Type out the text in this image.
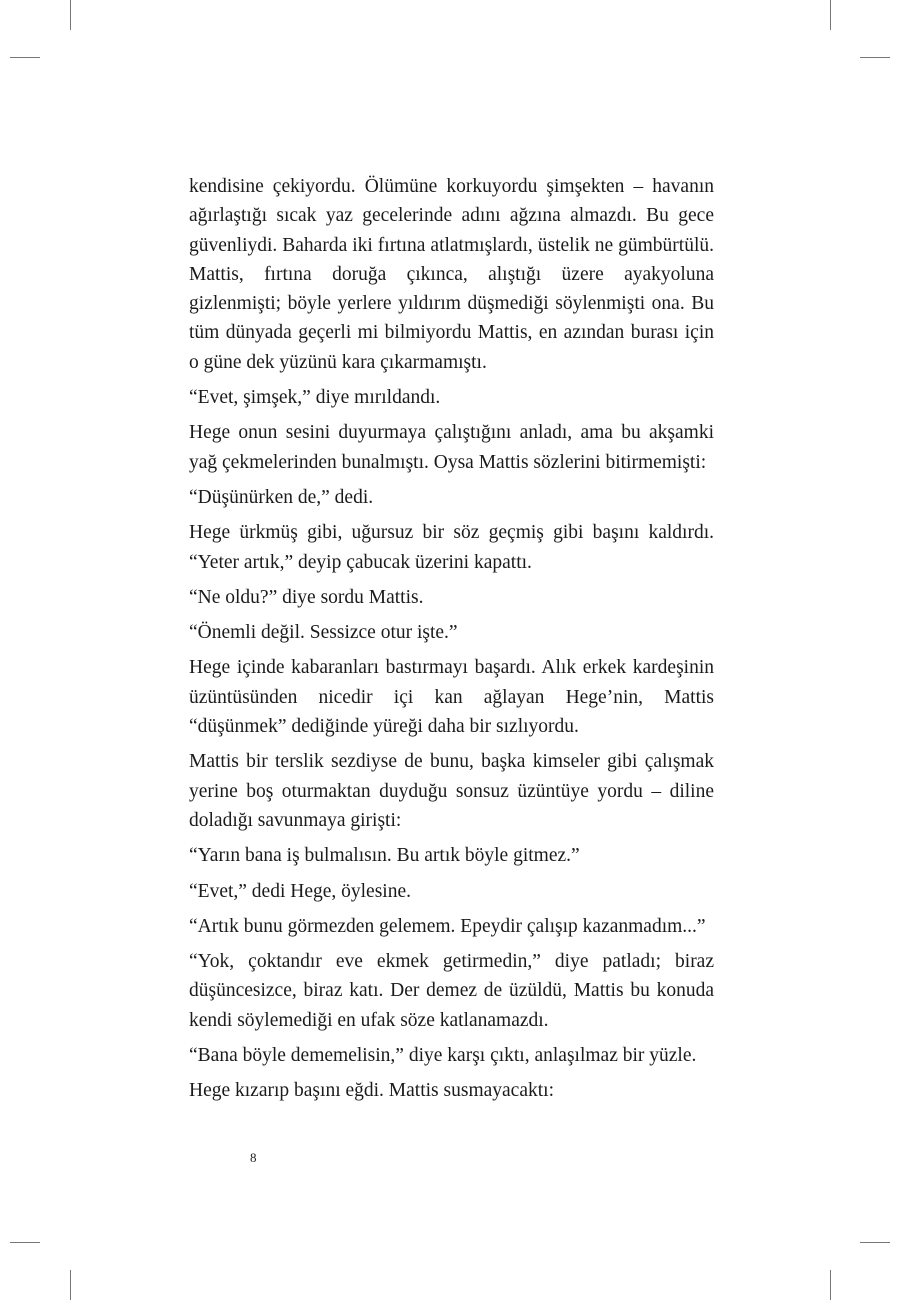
kendisine çekiyordu. Ölümüne korkuyordu şimşekten – havanın ağırlaştığı sıcak yaz gecelerinde adını ağzına almazdı. Bu gece güvenliydi. Baharda iki fırtına atlatmışlardı, üstelik ne gümbürtülü. Mattis, fırtına doruğa çıkınca, alıştığı üzere ayakyoluna gizlenmişti; böyle yerlere yıldırım düşmediği söylenmişti ona. Bu tüm dünyada geçerli mi bilmiyordu Mattis, en azından burası için o güne dek yüzünü kara çıkarmamıştı.

“Evet, şimşek,” diye mırıldandı.

Hege onun sesini duyurmaya çalıştığını anladı, ama bu akşamki yağ çekmelerinden bunalmıştı. Oysa Mattis sözlerini bitirmemişti:

“Düşünürken de,” dedi.

Hege ürkmüş gibi, uğursuz bir söz geçmiş gibi başını kaldırdı. “Yeter artık,” deyip çabucak üzerini kapattı.

“Ne oldu?” diye sordu Mattis.

“Önemli değil. Sessizce otur işte.”

Hege içinde kabaranları bastırmayı başardı. Alık erkek kardeşinin üzüntüsünden nicedir içi kan ağlayan Hege’nin, Mattis “düşünmek” dediğinde yüreği daha bir sızlıyordu.

Mattis bir terslik sezdiyse de bunu, başka kimseler gibi çalışmak yerine boş oturmaktan duyduğu sonsuz üzüntüye yordu – diline doladığı savunmaya girişti:

“Yarın bana iş bulmalısın. Bu artık böyle gitmez.”

“Evet,” dedi Hege, öylesine.

“Artık bunu görmezden gelemem. Epeydir çalışıp kazanmadım...”

“Yok, çoktandır eve ekmek getirmedin,” diye patladı; biraz düşüncesizce, biraz katı. Der demez de üzüldü, Mattis bu konuda kendi söylemediği en ufak söze katlanamazdı.

“Bana böyle dememelisin,” diye karşı çıktı, anlaşılmaz bir yüzle.

Hege kızarıp başını eğdi. Mattis susmayacaktı:

8
